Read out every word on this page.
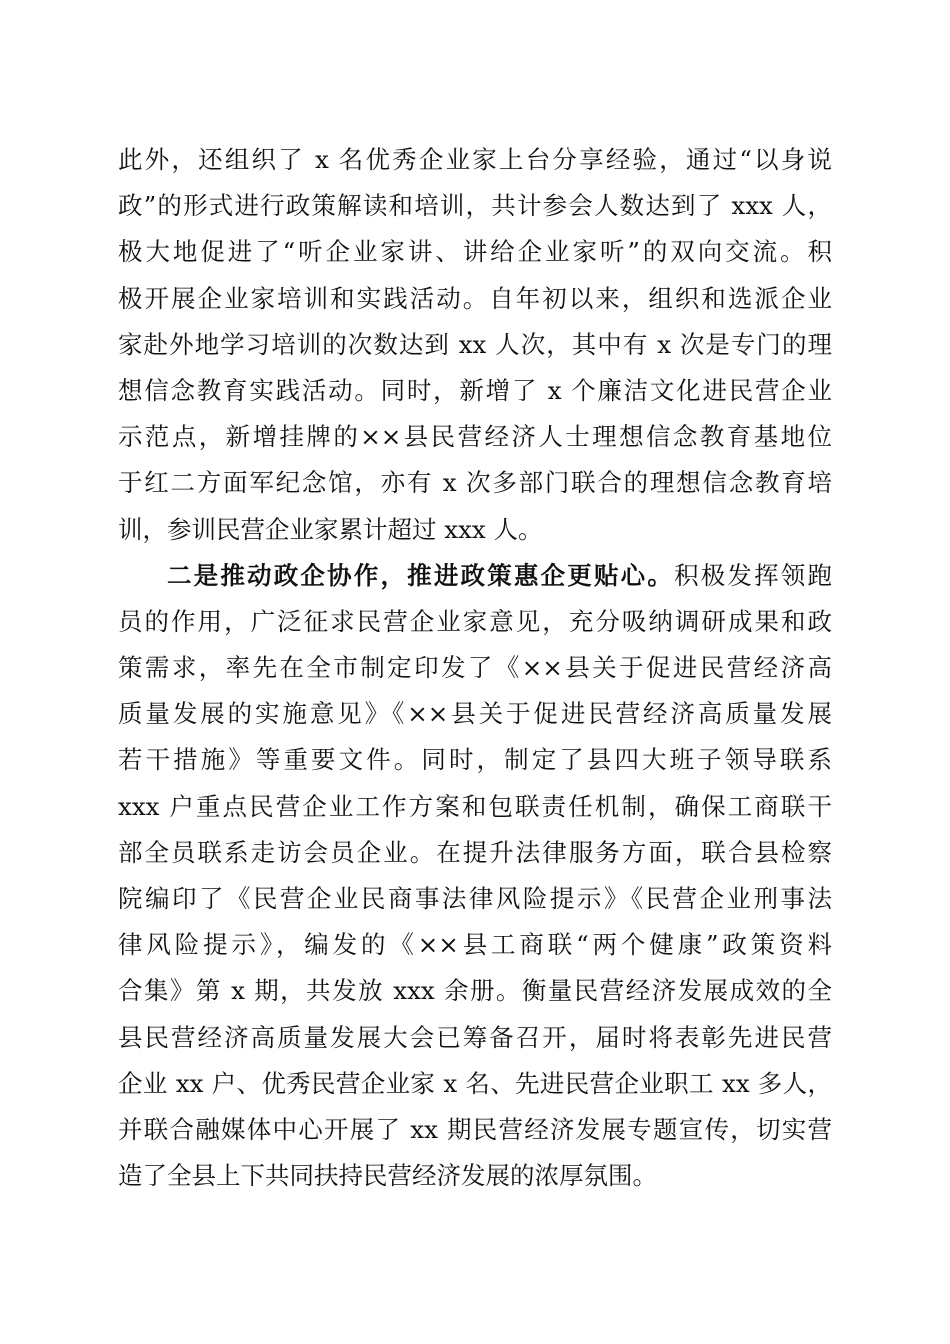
此外，还组织了 x 名优秀企业家上台分享经验，通过“以身说
政”的形式进行政策解读和培训，共计参会人数达到了 xxx 人，
极大地促进了“听企业家讲、讲给企业家听”的双向交流。积
极开展企业家培训和实践活动。自年初以来，组织和选派企业
家赴外地学习培训的次数达到 xx 人次，其中有 x 次是专门的理
想信念教育实践活动。同时，新增了 x 个廉洁文化进民营企业
示范点，新增挂牌的××县民营经济人士理想信念教育基地位
于红二方面军纪念馆，亦有 x 次多部门联合的理想信念教育培
训，参训民营企业家累计超过 xxx 人。
二是推动政企协作，推进政策惠企更贴心。积极发挥领跑
员的作用，广泛征求民营企业家意见，充分吸纳调研成果和政
策需求，率先在全市制定印发了《××县关于促进民营经济高
质量发展的实施意见》《××县关于促进民营经济高质量发展
若干措施》等重要文件。同时，制定了县四大班子领导联系
xxx 户重点民营企业工作方案和包联责任机制，确保工商联干
部全员联系走访会员企业。在提升法律服务方面，联合县检察
院编印了《民营企业民商事法律风险提示》《民营企业刑事法
律风险提示》，编发的《××县工商联“两个健康”政策资料
合集》第 x 期，共发放 xxx 余册。衡量民营经济发展成效的全
县民营经济高质量发展大会已筹备召开，届时将表彰先进民营
企业 xx 户、优秀民营企业家 x 名、先进民营企业职工 xx 多人，
并联合融媒体中心开展了 xx 期民营经济发展专题宣传，切实营
造了全县上下共同扶持民营经济发展的浓厚氛围。
